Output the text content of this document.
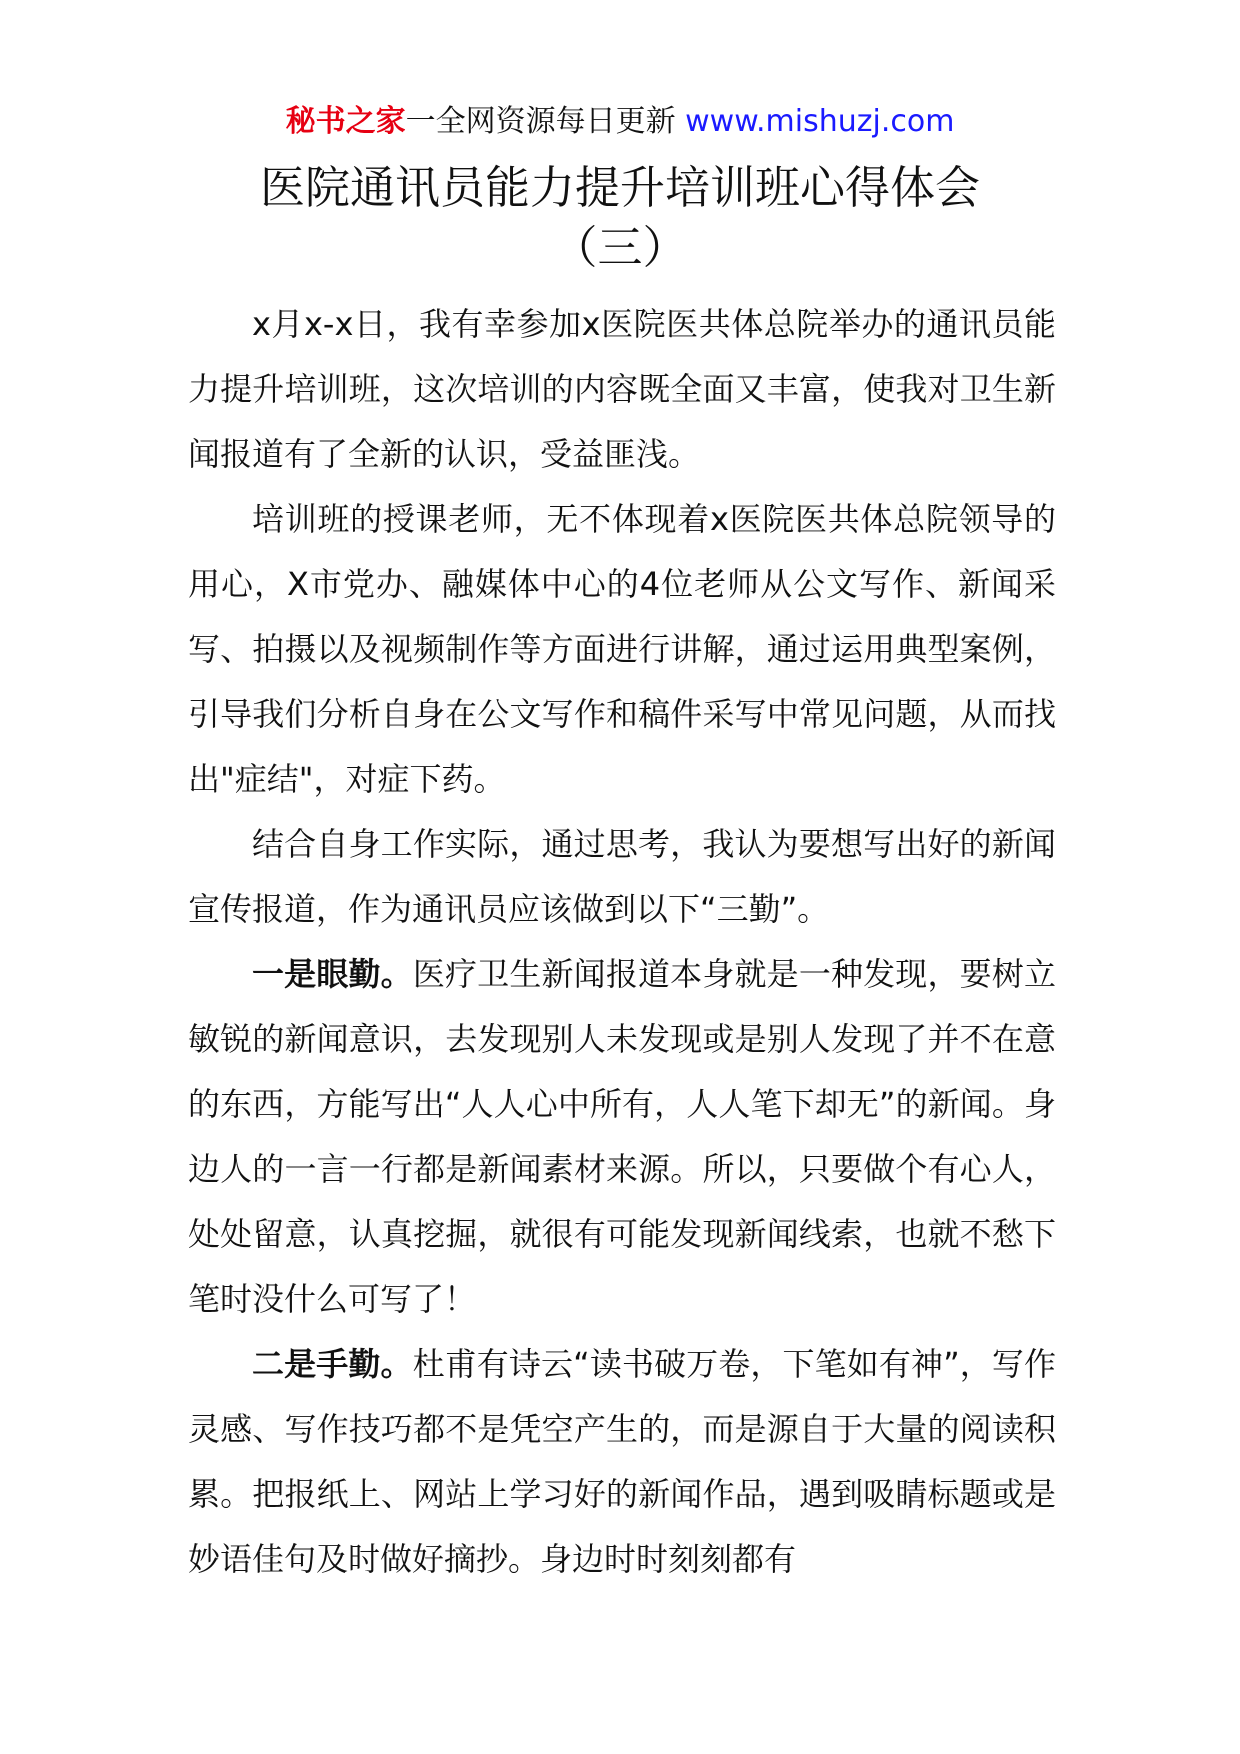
秘书之家一全网资源每日更新 www.mishuzj.com
医院通讯员能力提升培训班心得体会
（三）

x月x-x日，我有幸参加x医院医共体总院举办的通讯员能力提升培训班，这次培训的内容既全面又丰富，使我对卫生新闻报道有了全新的认识，受益匪浅。

培训班的授课老师，无不体现着x医院医共体总院领导的用心，X市党办、融媒体中心的4位老师从公文写作、新闻采写、拍摄以及视频制作等方面进行讲解，通过运用典型案例，引导我们分析自身在公文写作和稿件采写中常见问题，从而找出"症结"，对症下药。

结合自身工作实际，通过思考，我认为要想写出好的新闻宣传报道，作为通讯员应该做到以下“三勤”。

一是眼勤。医疗卫生新闻报道本身就是一种发现，要树立敏锐的新闻意识，去发现别人未发现或是别人发现了并不在意的东西，方能写出“人人心中所有，人人笔下却无”的新闻。身边人的一言一行都是新闻素材来源。所以，只要做个有心人，处处留意，认真挖掘，就很有可能发现新闻线索，也就不愁下笔时没什么可写了！

二是手勤。杜甫有诗云“读书破万卷，下笔如有神”，写作灵感、写作技巧都不是凭空产生的，而是源自于大量的阅读积累。把报纸上、网站上学习好的新闻作品，遇到吸睛标题或是妙语佳句及时做好摘抄。身边时时刻刻都有
